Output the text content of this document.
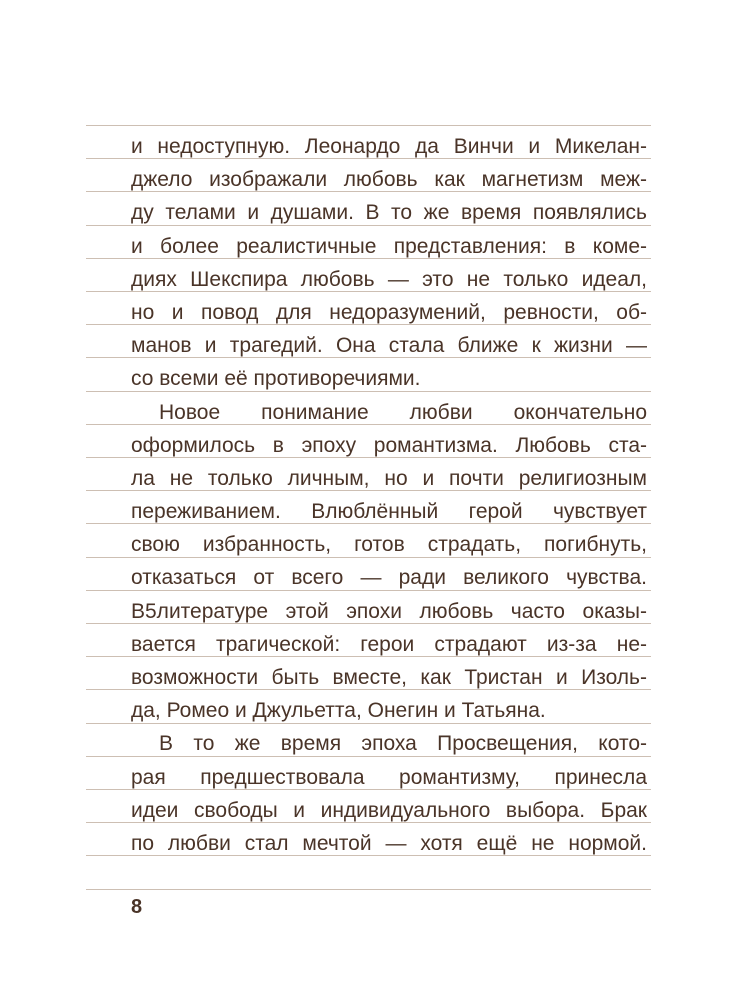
и недоступную. Леонардо да Винчи и Микелан-
джело изображали любовь как магнетизм меж-
ду телами и душами. В то же время появлялись
и более реалистичные представления: в коме-
диях Шекспира любовь — это не только идеал,
но и повод для недоразумений, ревности, об-
манов и трагедий. Она стала ближе к жизни —
со всеми её противоречиями.
Новое понимание любви окончательно
оформилось в эпоху романтизма. Любовь ста-
ла не только личным, но и почти религиозным
переживанием. Влюблённый герой чувствует
свою избранность, готов страдать, погибнуть,
отказаться от всего — ради великого чувства.
В5литературе этой эпохи любовь часто оказы-
вается трагической: герои страдают из-за не-
возможности быть вместе, как Тристан и Изоль-
да, Ромео и Джульетта, Онегин и Татьяна.
В то же время эпоха Просвещения, кото-
рая предшествовала романтизму, принесла
идеи свободы и индивидуального выбора. Брак
по любви стал мечтой — хотя ещё не нормой.
8
